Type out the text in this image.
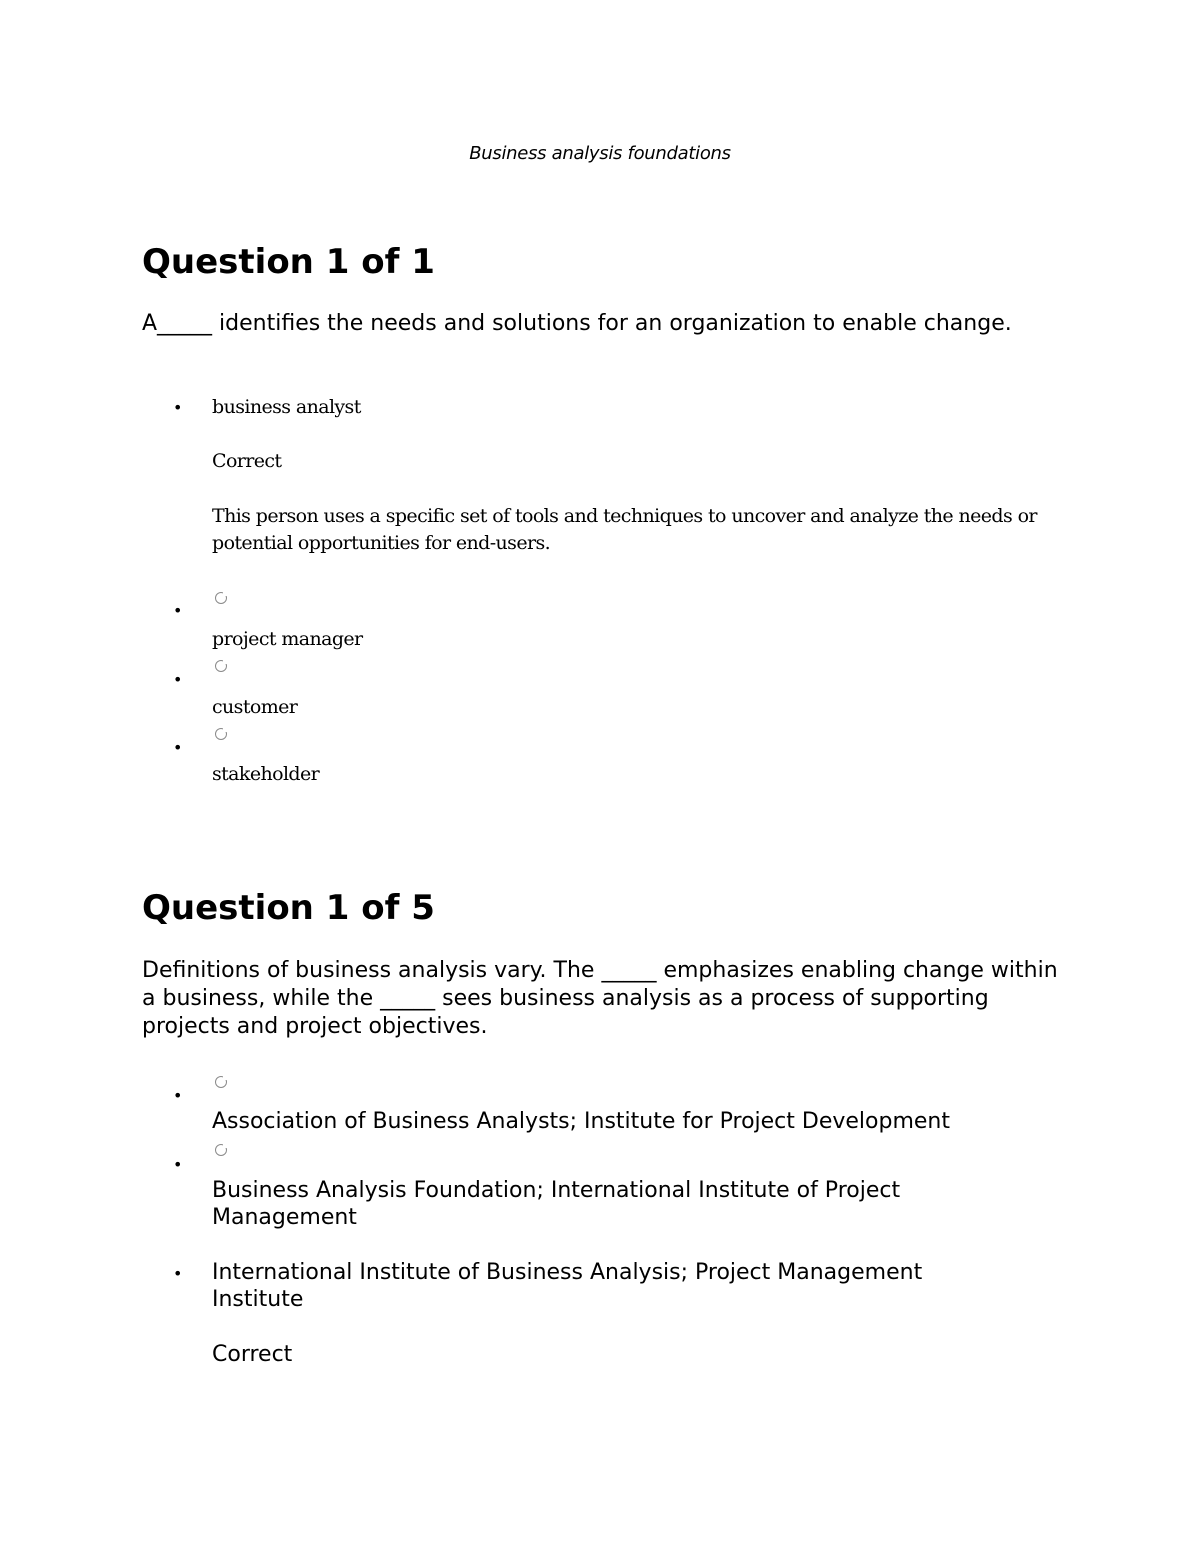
Business analysis foundations
Question 1 of 1

A_____ identifies the needs and solutions for an organization to enable change.

• business analyst

Correct

This person uses a specific set of tools and techniques to uncover and analyze the needs or potential opportunities for end-users.

•

project manager

•

customer

•

stakeholder

Question 1 of 5

Definitions of business analysis vary. The _____ emphasizes enabling change within a business, while the _____ sees business analysis as a process of supporting projects and project objectives.

•

Association of Business Analysts; Institute for Project Development

•

Business Analysis Foundation; International Institute of Project Management

• International Institute of Business Analysis; Project Management Institute

Correct
